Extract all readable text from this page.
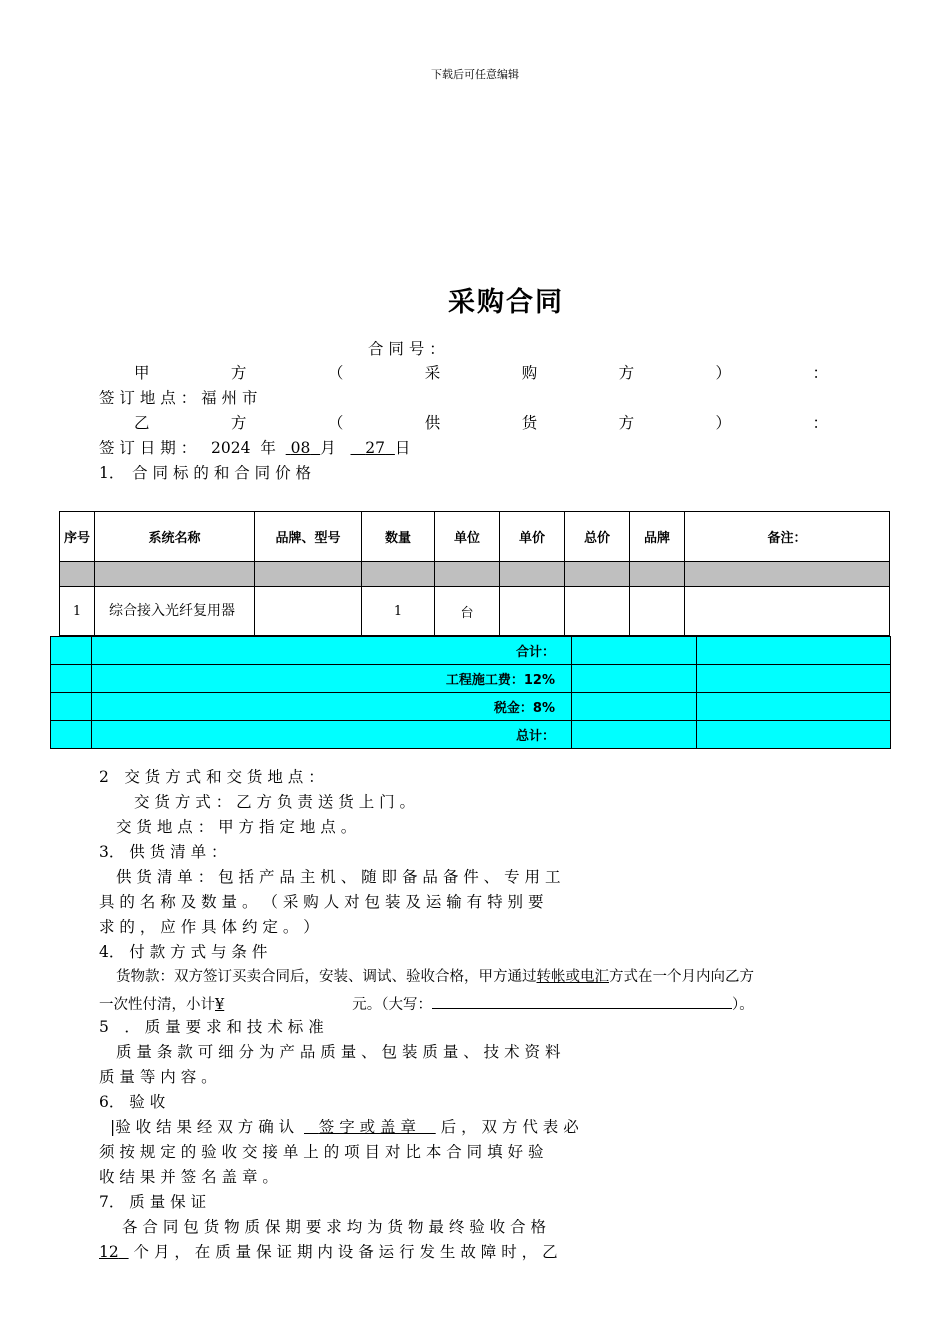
下载后可任意编辑
采购合同
合 同 号 ：
甲	方	（	采	购	方	）	：
签 订 地 点 ： 福 州 市
乙	方	（	供	货	方	）	：
签 订 日 期 ： 2024 年 08 月 27 日
1．　合 同 标 的 和 合 同 价 格
序号	系统名称	品牌、型号	数量	单位	单价	总价	品牌	备注：

1	综合接入光纤复用器		1	台				
	合计：		
	工程施工费：12%		
	税金：8%		
	总计：		
2　交 货 方 式 和 交 货 地 点 ：
交 货 方 式 ： 乙 方 负 责 送 货 上 门 。
交 货 地 点 ： 甲 方 指 定 地 点 。
3． 供 货 清 单 ：
供 货 清 单 ： 包 括 产 品 主 机 、 随 即 备 品 备 件 、 专 用 工
具 的 名 称 及 数 量 。 （ 采 购 人 对 包 装 及 运 输 有 特 别 要
求 的 ， 应 作 具 体 约 定 。 ）
4． 付 款 方 式 与 条 件
货物款：双方签订买卖合同后，安装、调试、验收合格，甲方通过转帐或电汇方式在一个月内向乙方
一次性付清，小计¥	元。（大写：	）。
5　． 质 量 要 求 和 技 术 标 准
质 量 条 款 可 细 分 为 产 品 质 量 、 包 装 质 量 、 技 术 资 料
质 量 等 内 容 。
6． 验 收
|验 收 结 果 经 双 方 确 认 签 字 或 盖 章 后 ， 双 方 代 表 必
须 按 规 定 的 验 收 交 接 单 上 的 项 目 对 比 本 合 同 填 好 验
收 结 果 并 签 名 盖 章 。
7． 质 量 保 证
各 合 同 包 货 物 质 保 期 要 求 均 为 货 物 最 终 验 收 合 格
12 个 月 ， 在 质 量 保 证 期 内 设 备 运 行 发 生 故 障 时 ， 乙
